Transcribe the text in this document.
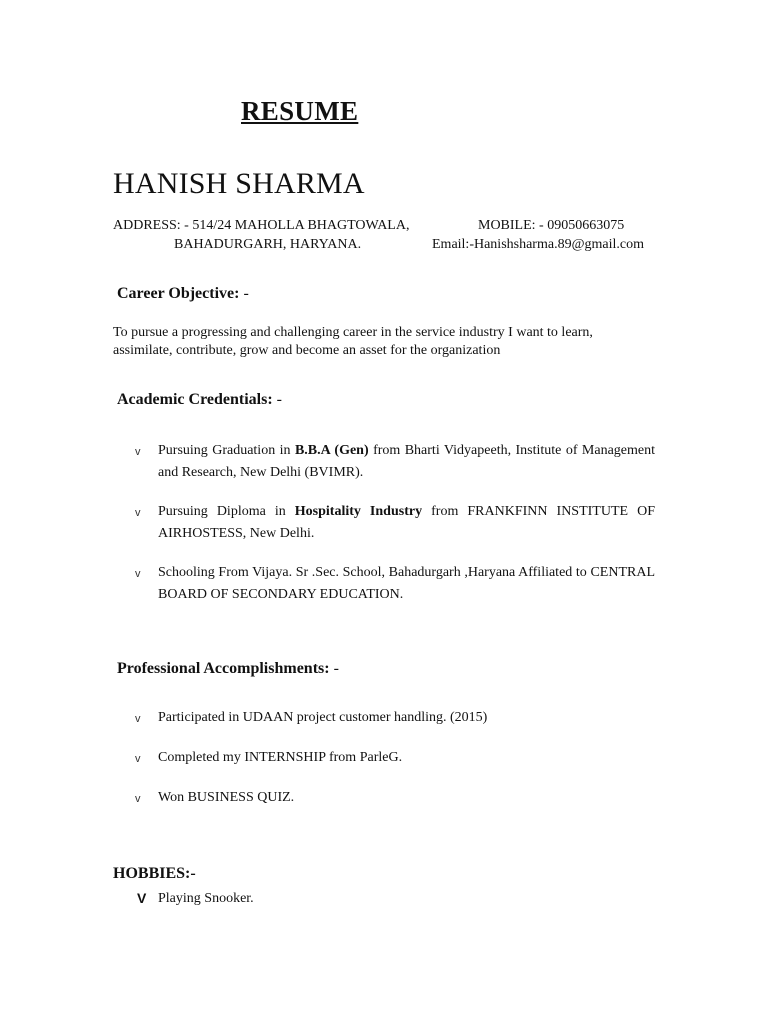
RESUME
HANISH SHARMA
ADDRESS: - 514/24 MAHOLLA BHAGTOWALA,	MOBILE: - 09050663075
BAHADURGARH, HARYANA.	Email:-Hanishsharma.89@gmail.com
Career Objective: -
To pursue a progressing and challenging career in the service industry I want to learn, assimilate, contribute, grow and become an asset for the organization
Academic Credentials: -
v Pursuing Graduation in B.B.A (Gen) from Bharti Vidyapeeth, Institute of Management and Research, New Delhi (BVIMR).
v Pursuing Diploma in Hospitality Industry from FRANKFINN INSTITUTE OF AIRHOSTESS, New Delhi.
v Schooling From Vijaya. Sr .Sec. School, Bahadurgarh ,Haryana Affiliated to CENTRAL BOARD OF SECONDARY EDUCATION.
Professional Accomplishments: -
v Participated in UDAAN project customer handling. (2015)
v Completed my INTERNSHIP from ParleG.
v Won BUSINESS QUIZ.
HOBBIES:-
V Playing Snooker.
